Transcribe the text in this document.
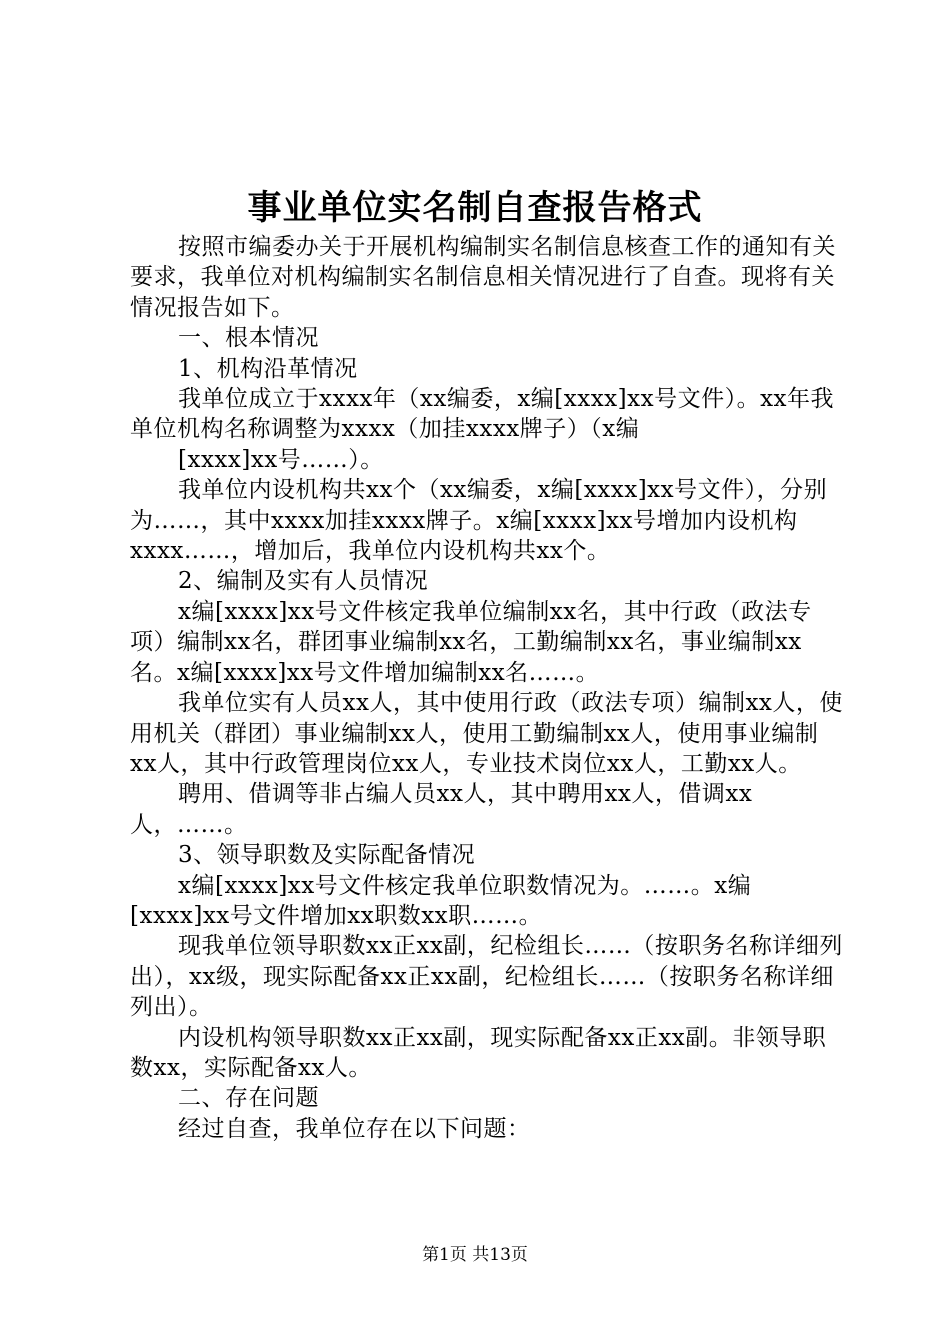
事业单位实名制自查报告格式

按照市编委办关于开展机构编制实名制信息核查工作的通知有关要求，我单位对机构编制实名制信息相关情况进行了自查。现将有关情况报告如下。

一、根本情况

1、机构沿革情况

我单位成立于xxxx年（xx编委，x编[xxxx]xx号文件）。xx年我单位机构名称调整为xxxx（加挂xxxx牌子）（x编

[xxxx]xx号……）。

我单位内设机构共xx个（xx编委，x编[xxxx]xx号文件），分别为……，其中xxxx加挂xxxx牌子。x编[xxxx]xx号增加内设机构xxxx……，增加后，我单位内设机构共xx个。

2、编制及实有人员情况

x编[xxxx]xx号文件核定我单位编制xx名，其中行政（政法专项）编制xx名，群团事业编制xx名，工勤编制xx名，事业编制xx名。x编[xxxx]xx号文件增加编制xx名……。

我单位实有人员xx人，其中使用行政（政法专项）编制xx人，使用机关（群团）事业编制xx人，使用工勤编制xx人，使用事业编制xx人，其中行政管理岗位xx人，专业技术岗位xx人，工勤xx人。

聘用、借调等非占编人员xx人，其中聘用xx人，借调xx人，……。

3、领导职数及实际配备情况

x编[xxxx]xx号文件核定我单位职数情况为。……。x编[xxxx]xx号文件增加xx职数xx职……。

现我单位领导职数xx正xx副，纪检组长……（按职务名称详细列出），xx级，现实际配备xx正xx副，纪检组长……（按职务名称详细列出）。

内设机构领导职数xx正xx副，现实际配备xx正xx副。非领导职数xx，实际配备xx人。

二、存在问题

经过自查，我单位存在以下问题：

第1页 共13页
